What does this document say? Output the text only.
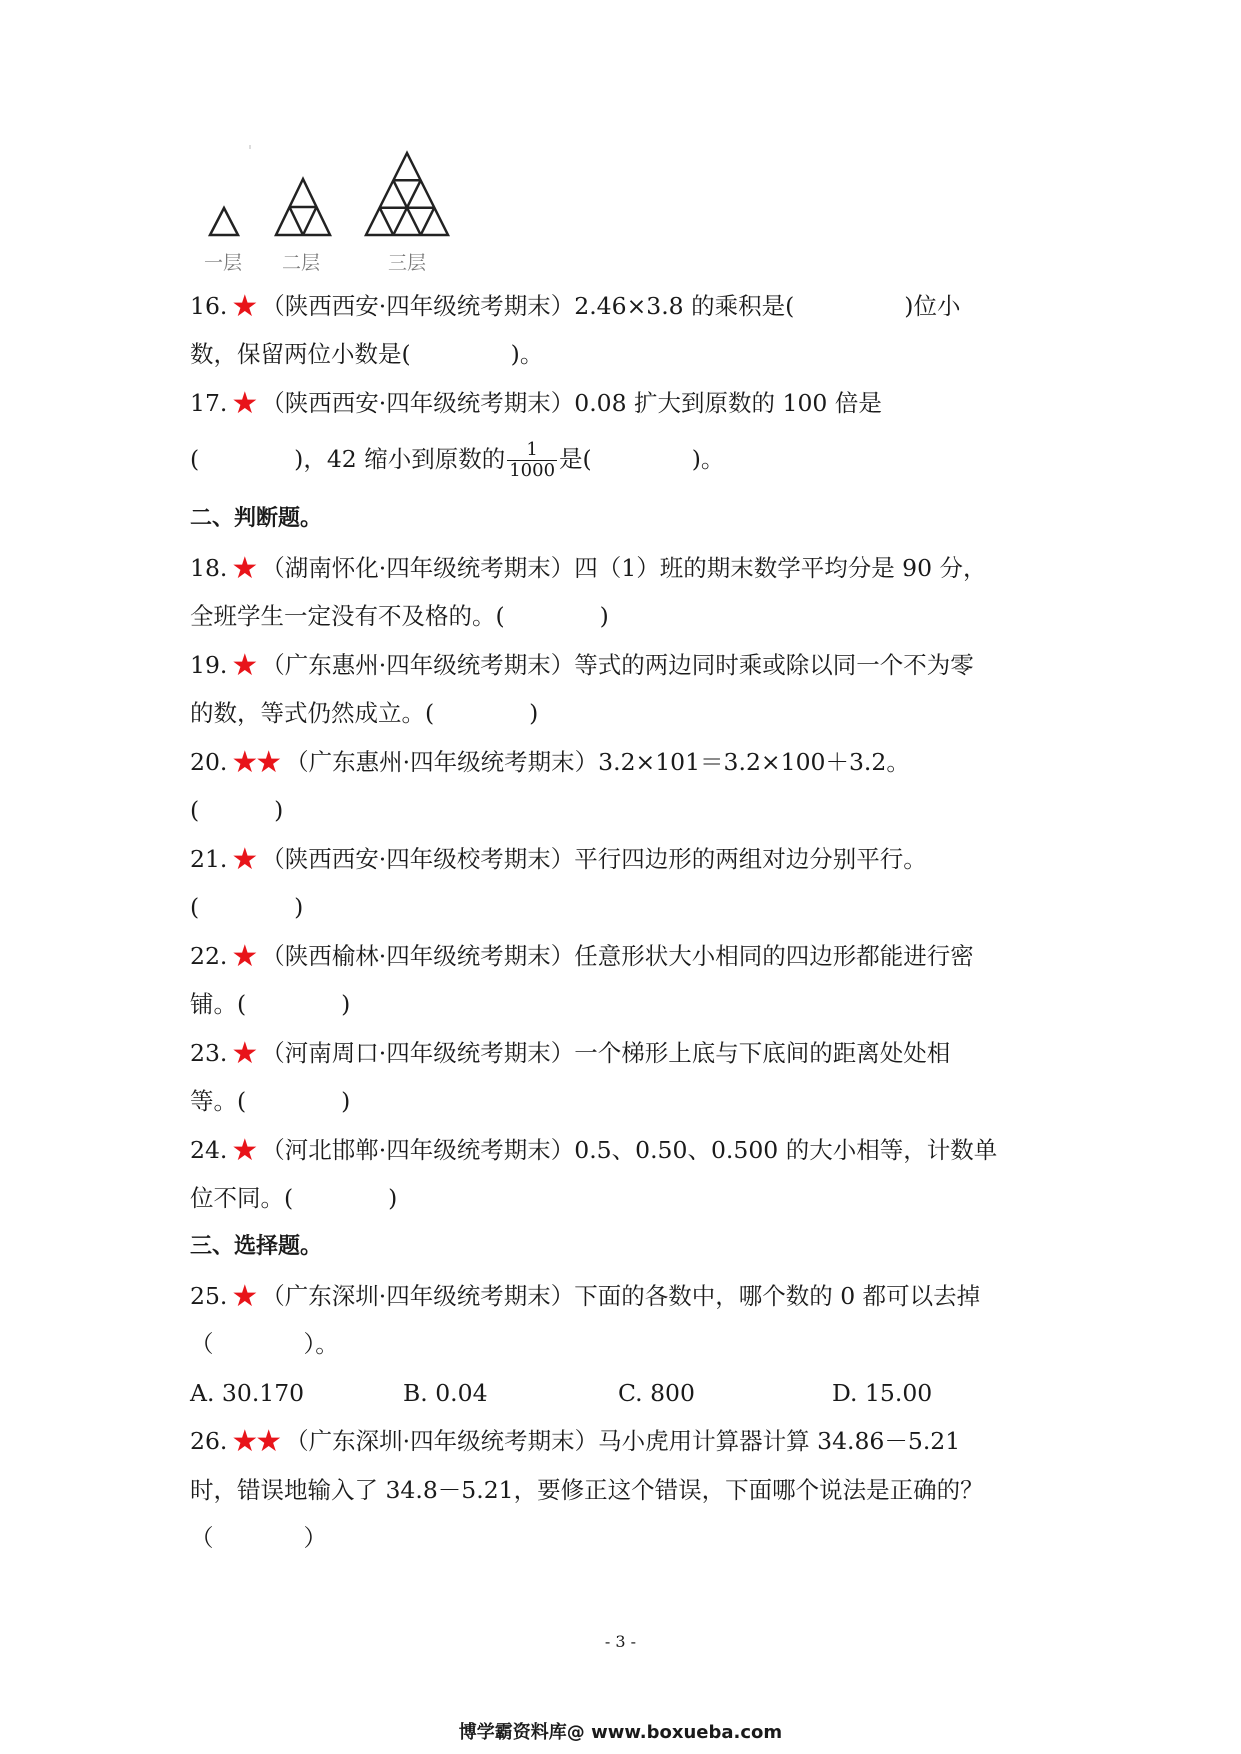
一层 二层	三层
16. ★ （陕西西安·四年级统考期末）2.46×3.8 的乘积是(	)位小
数，保留两位小数是(	)。
17. ★ （陕西西安·四年级统考期末）0.08 扩大到原数的 100 倍是
(	)，42 缩小到原数的 $\frac{1}{1000}$ 是(	)。
二、判断题。
18. ★ （湖南怀化·四年级统考期末）四（1）班的期末数学平均分是 90 分，
全班学生一定没有不及格的。(	)
19. ★ （广东惠州·四年级统考期末）等式的两边同时乘或除以同一个不为零
的数，等式仍然成立。(	)
20. ★★ （广东惠州·四年级统考期末）3.2×101＝3.2×100＋3.2。
(	)
21. ★ （陕西西安·四年级校考期末）平行四边形的两组对边分别平行。
(	)
22. ★ （陕西榆林·四年级统考期末）任意形状大小相同的四边形都能进行密
铺。(	)
23. ★ （河南周口·四年级统考期末）一个梯形上底与下底间的距离处处相
等。(	)
24. ★ （河北邯郸·四年级统考期末）0.5、0.50、0.500 的大小相等，计数单
位不同。(	)
三、选择题。
25. ★ （广东深圳·四年级统考期末）下面的各数中，哪个数的 0 都可以去掉
（	）。
A. 30.170	B. 0.04	C. 800	D. 15.00
26. ★★ （广东深圳·四年级统考期末）马小虎用计算器计算 34.86－5.21
时，错误地输入了 34.8－5.21，要修正这个错误，下面哪个说法是正确的？
（	）
- 3 -
博学霸资料库@ www.boxueba.com
